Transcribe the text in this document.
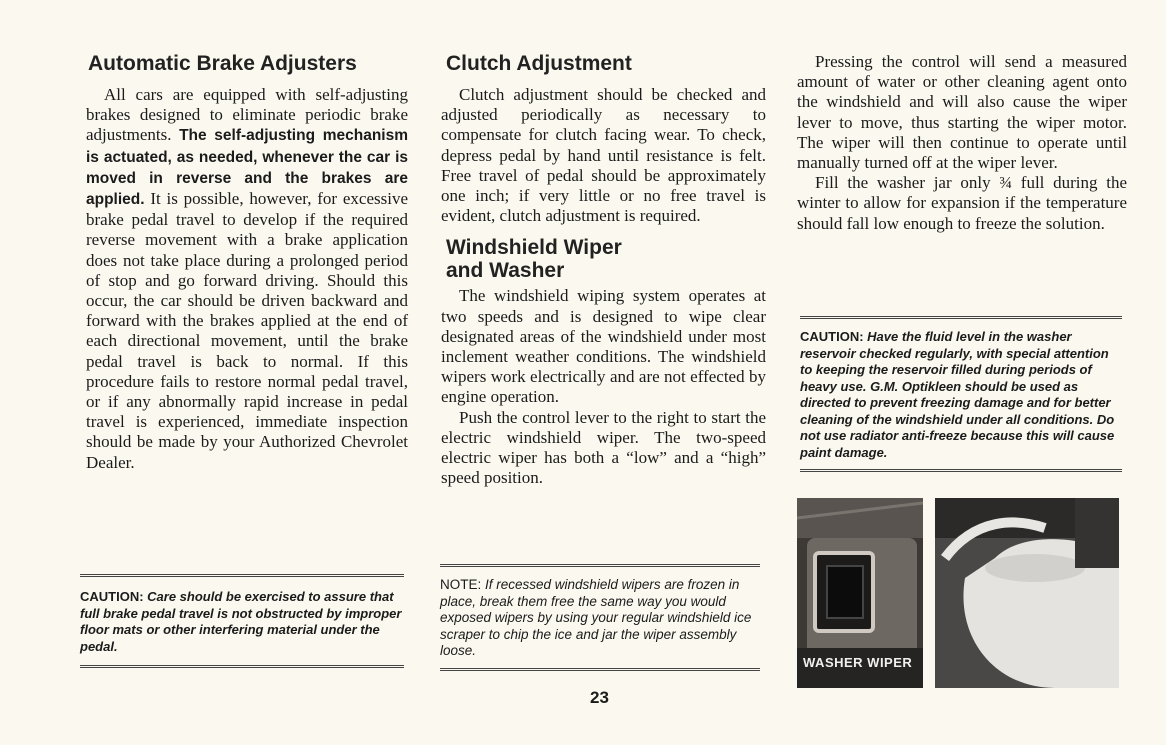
Automatic Brake Adjusters

All cars are equipped with self-adjusting brakes designed to eliminate periodic brake adjustments. The self-adjusting mechanism is actuated, as needed, whenever the car is moved in reverse and the brakes are applied. It is possible, however, for excessive brake pedal travel to develop if the required reverse movement with a brake application does not take place during a prolonged period of stop and go forward driving. Should this occur, the car should be driven backward and forward with the brakes applied at the end of each directional movement, until the brake pedal travel is back to normal. If this procedure fails to restore normal pedal travel, or if any abnormally rapid increase in pedal travel is experienced, immediate inspection should be made by your Authorized Chevrolet Dealer.

CAUTION: Care should be exercised to assure that full brake pedal travel is not obstructed by improper floor mats or other interfering material under the pedal.

Clutch Adjustment

Clutch adjustment should be checked and adjusted periodically as necessary to compensate for clutch facing wear. To check, depress pedal by hand until resistance is felt. Free travel of pedal should be approximately one inch; if very little or no free travel is evident, clutch adjustment is required.

Windshield Wiper
and Washer

The windshield wiping system operates at two speeds and is designed to wipe clear designated areas of the windshield under most inclement weather conditions. The windshield wipers work electrically and are not effected by engine operation.

Push the control lever to the right to start the electric windshield wiper. The two-speed electric wiper has both a “low” and a “high” speed position.

NOTE: If recessed windshield wipers are frozen in place, break them free the same way you would exposed wipers by using your regular windshield ice scraper to chip the ice and jar the wiper assembly loose.

Pressing the control will send a measured amount of water or other cleaning agent onto the windshield and will also cause the wiper lever to move, thus starting the wiper motor. The wiper will then continue to operate until manually turned off at the wiper lever.

Fill the washer jar only ¾ full during the winter to allow for expansion if the temperature should fall low enough to freeze the solution.

CAUTION: Have the fluid level in the washer reservoir checked regularly, with special attention to keeping the reservoir filled during periods of heavy use. G.M. Optikleen should be used as directed to prevent freezing damage and for better cleaning of the windshield under all conditions. Do not use radiator anti-freeze because this will cause paint damage.

WASHER WIPER
23
